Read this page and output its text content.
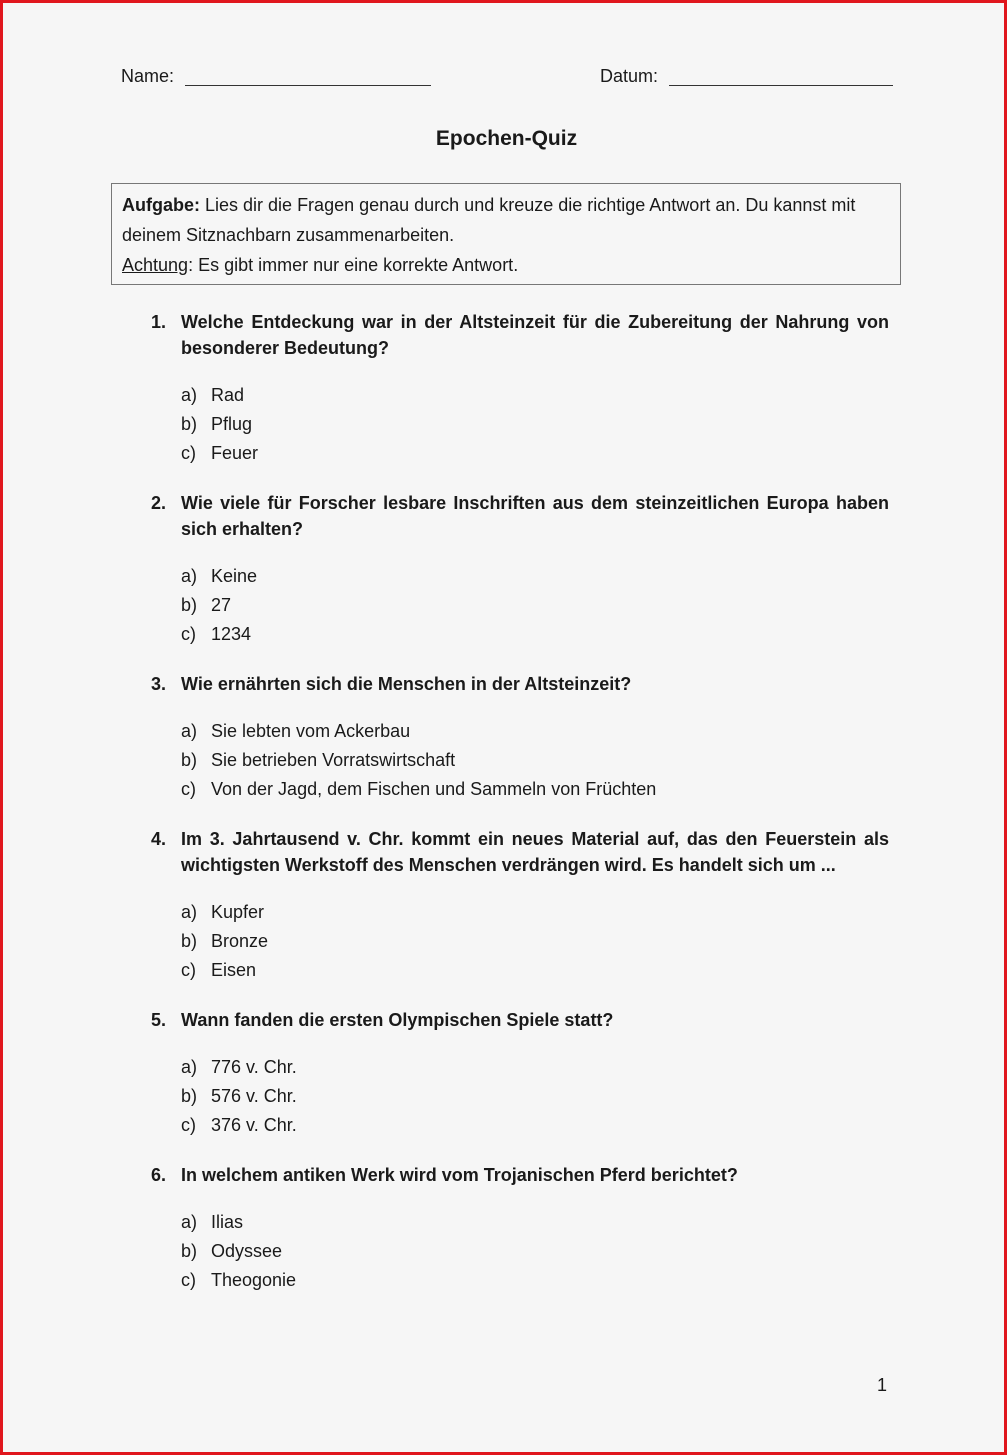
Name:	Datum:
Epochen-Quiz
Aufgabe: Lies dir die Fragen genau durch und kreuze die richtige Antwort an. Du kannst mit deinem Sitznachbarn zusammenarbeiten.
Achtung: Es gibt immer nur eine korrekte Antwort.
1. Welche Entdeckung war in der Altsteinzeit für die Zubereitung der Nahrung von besonderer Bedeutung?
a) Rad
b) Pflug
c) Feuer
2. Wie viele für Forscher lesbare Inschriften aus dem steinzeitlichen Europa haben sich erhalten?
a) Keine
b) 27
c) 1234
3. Wie ernährten sich die Menschen in der Altsteinzeit?
a) Sie lebten vom Ackerbau
b) Sie betrieben Vorratswirtschaft
c) Von der Jagd, dem Fischen und Sammeln von Früchten
4. Im 3. Jahrtausend v. Chr. kommt ein neues Material auf, das den Feuerstein als wichtigsten Werkstoff des Menschen verdrängen wird. Es handelt sich um ...
a) Kupfer
b) Bronze
c) Eisen
5. Wann fanden die ersten Olympischen Spiele statt?
a) 776 v. Chr.
b) 576 v. Chr.
c) 376 v. Chr.
6. In welchem antiken Werk wird vom Trojanischen Pferd berichtet?
a) Ilias
b) Odyssee
c) Theogonie
1
